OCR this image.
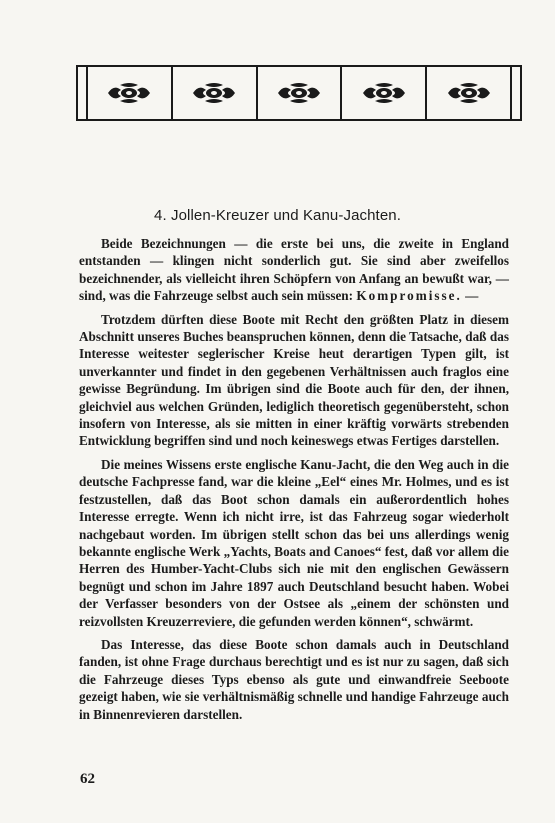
4. Jollen-Kreuzer und Kanu-Jachten.

Beide Bezeichnungen — die erste bei uns, die zweite in England entstanden — klingen nicht sonderlich gut. Sie sind aber zweifellos bezeichnender, als vielleicht ihren Schöpfern von Anfang an bewußt war, — sind, was die Fahrzeuge selbst auch sein müssen: Kompromisse. —

Trotzdem dürften diese Boote mit Recht den größten Platz in diesem Abschnitt unseres Buches beanspruchen können, denn die Tatsache, daß das Interesse weitester seglerischer Kreise heut derartigen Typen gilt, ist unverkannter und findet in den gegebenen Verhältnissen auch fraglos eine gewisse Begründung. Im übrigen sind die Boote auch für den, der ihnen, gleichviel aus welchen Gründen, lediglich theoretisch gegenübersteht, schon insofern von Interesse, als sie mitten in einer kräftig vorwärts strebenden Entwicklung begriffen sind und noch keineswegs etwas Fertiges darstellen.

Die meines Wissens erste englische Kanu-Jacht, die den Weg auch in die deutsche Fachpresse fand, war die kleine „Eel“ eines Mr. Holmes, und es ist festzustellen, daß das Boot schon damals ein außerordentlich hohes Interesse erregte. Wenn ich nicht irre, ist das Fahrzeug sogar wiederholt nachgebaut worden. Im übrigen stellt schon das bei uns allerdings wenig bekannte englische Werk „Yachts, Boats and Canoes“ fest, daß vor allem die Herren des Humber-Yacht-Clubs sich nie mit den englischen Gewässern begnügt und schon im Jahre 1897 auch Deutschland besucht haben. Wobei der Verfasser besonders von der Ostsee als „einem der schönsten und reizvollsten Kreuzerreviere, die gefunden werden können“, schwärmt.

Das Interesse, das diese Boote schon damals auch in Deutschland fanden, ist ohne Frage durchaus berechtigt und es ist nur zu sagen, daß sich die Fahrzeuge dieses Typs ebenso als gute und einwandfreie Seeboote gezeigt haben, wie sie verhältnismäßig schnelle und handige Fahrzeuge auch in Binnenrevieren darstellen.

62
